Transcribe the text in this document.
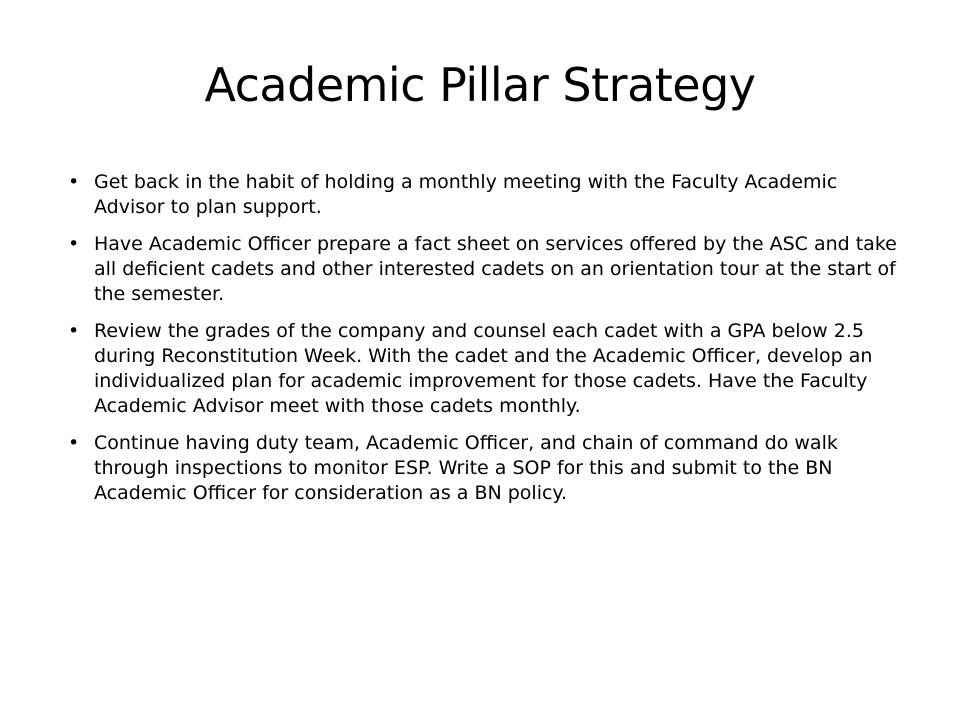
Academic Pillar Strategy
• Get back in the habit of holding a monthly meeting with the Faculty Academic Advisor to plan support.
• Have Academic Officer prepare a fact sheet on services offered by the ASC and take all deficient cadets and other interested cadets on an orientation tour at the start of the semester.
• Review the grades of the company and counsel each cadet with a GPA below 2.5 during Reconstitution Week. With the cadet and the Academic Officer, develop an individualized plan for academic improvement for those cadets. Have the Faculty Academic Advisor meet with those cadets monthly.
• Continue having duty team, Academic Officer, and chain of command do walk through inspections to monitor ESP. Write a SOP for this and submit to the BN Academic Officer for consideration as a BN policy.
